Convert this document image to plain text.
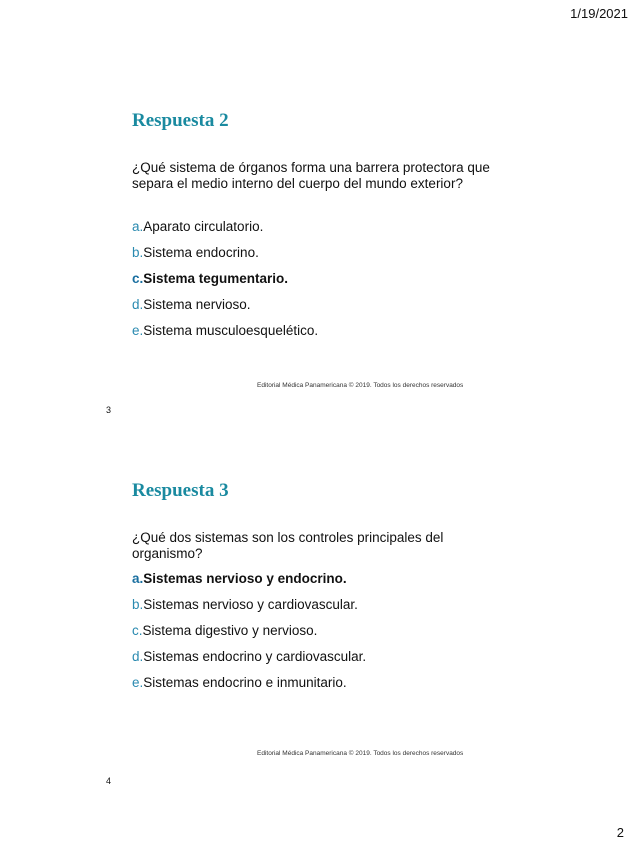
1/19/2021
Respuesta 2
¿Qué sistema de órganos forma una barrera protectora que separa el medio interno del cuerpo del mundo exterior?
a.Aparato circulatorio.
b.Sistema endocrino.
c.Sistema tegumentario.
d.Sistema nervioso.
e.Sistema musculoesquelético.
Editorial Médica Panamericana © 2019. Todos los derechos reservados
3
Respuesta 3
¿Qué dos sistemas son los controles principales del organismo?
a.Sistemas nervioso y endocrino.
b.Sistemas nervioso y cardiovascular.
c.Sistema digestivo y nervioso.
d.Sistemas endocrino y cardiovascular.
e.Sistemas endocrino e inmunitario.
Editorial Médica Panamericana © 2019. Todos los derechos reservados
4
2
